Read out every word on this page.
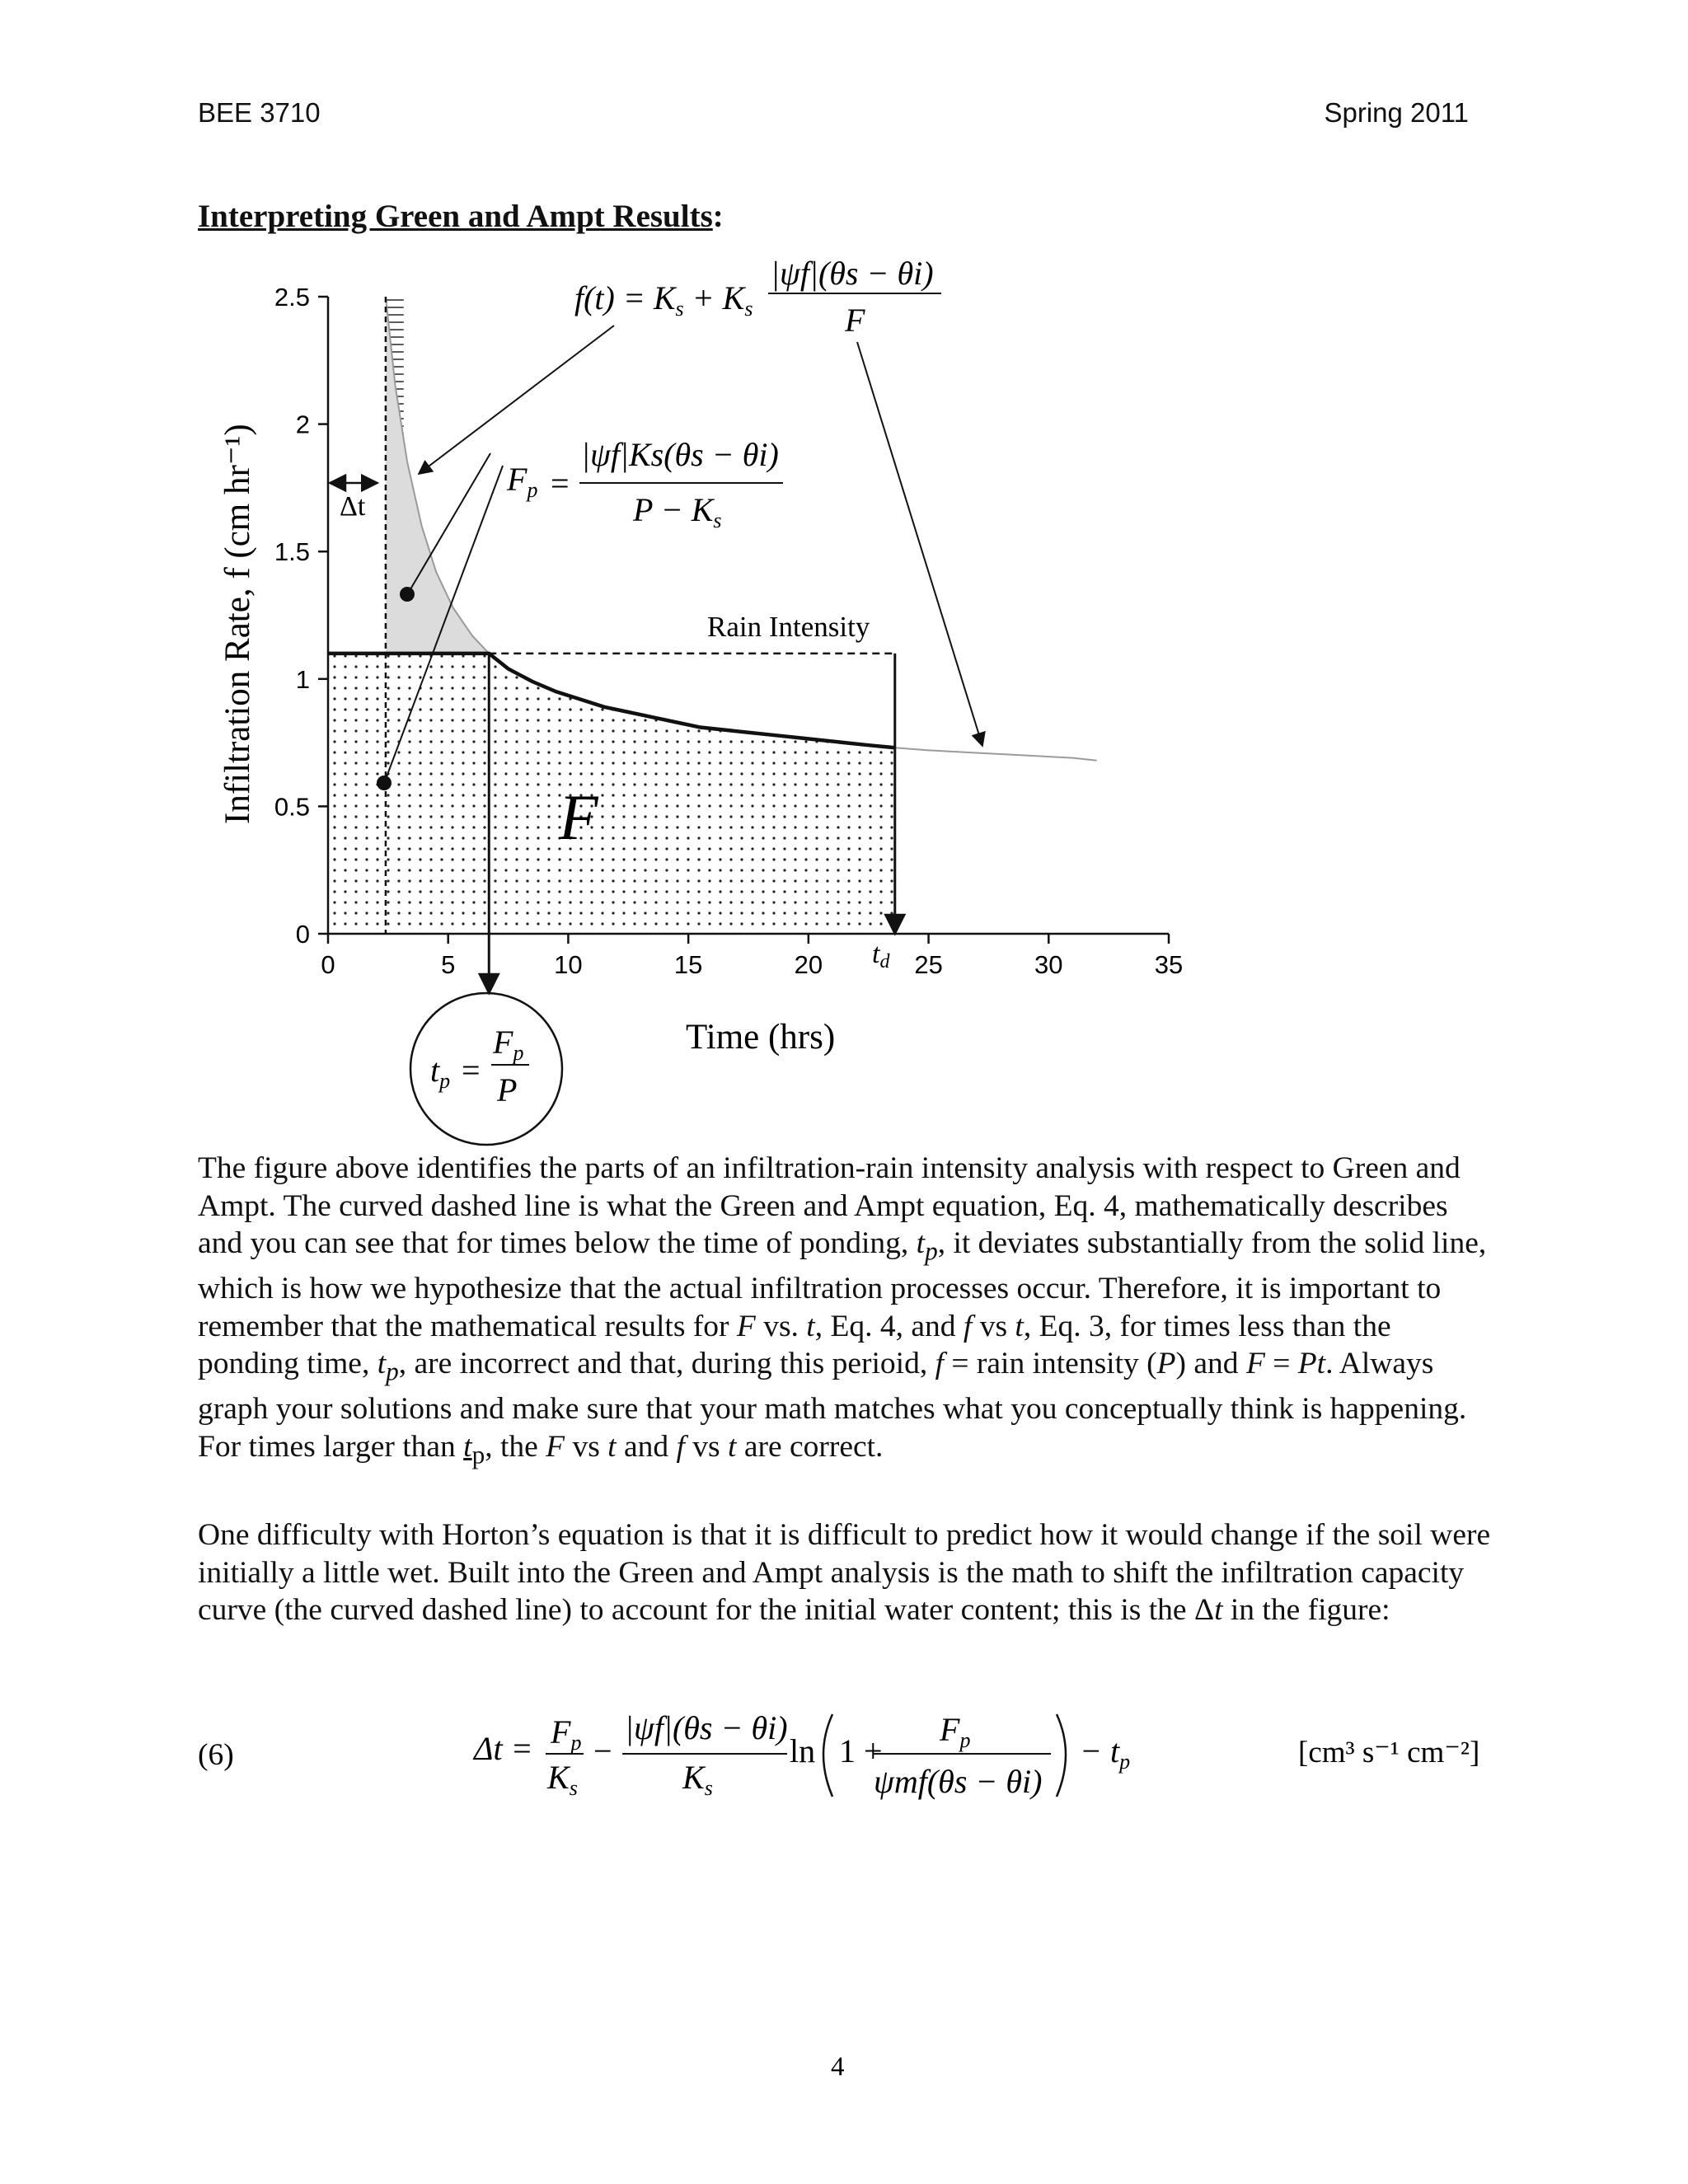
BEE 3710	Spring 2011
Interpreting Green and Ampt Results:
0	5	10	15	20	25	30	35
0
0.5
1
1.5
2
2.5
Δt
Rain Intensity
F
td
$f(t) = K_s + K_s$
|ψf|(θs − θi)
F
$F_p$ =
|ψf|Ks(θs − θi)
$P - K_s$
$t_p$ =
$F_p$
P
Infiltration Rate, f (cm hr⁻¹)
Time (hrs)
The figure above identifies the parts of an infiltration-rain intensity analysis with respect to Green and Ampt. The curved dashed line is what the Green and Ampt equation, Eq. 4, mathematically describes and you can see that for times below the time of ponding, $t_p$, it deviates substantially from the solid line, which is how we hypothesize that the actual infiltration processes occur. Therefore, it is important to remember that the mathematical results for F vs. t, Eq. 4, and f vs t, Eq. 3, for times less than the ponding time, $t_p$, are incorrect and that, during this perioid, f = rain intensity (P) and F = Pt. Always graph your solutions and make sure that your math matches what you conceptually think is happening. For times larger than $t_p$, the F vs t and f vs t are correct.
One difficulty with Horton’s equation is that it is difficult to predict how it would change if the soil were initially a little wet. Built into the Green and Ampt analysis is the math to shift the infiltration capacity curve (the curved dashed line) to account for the initial water content; this is the Δt in the figure:
(6)	$\Delta t = F_p$
$K_s$
−
|ψf|(θs − θi)
$K_s$
ln 1 +
$F_p$
ψmf(θs − θi)
− $t_p$	[cm³ s⁻¹ cm⁻²]
4
